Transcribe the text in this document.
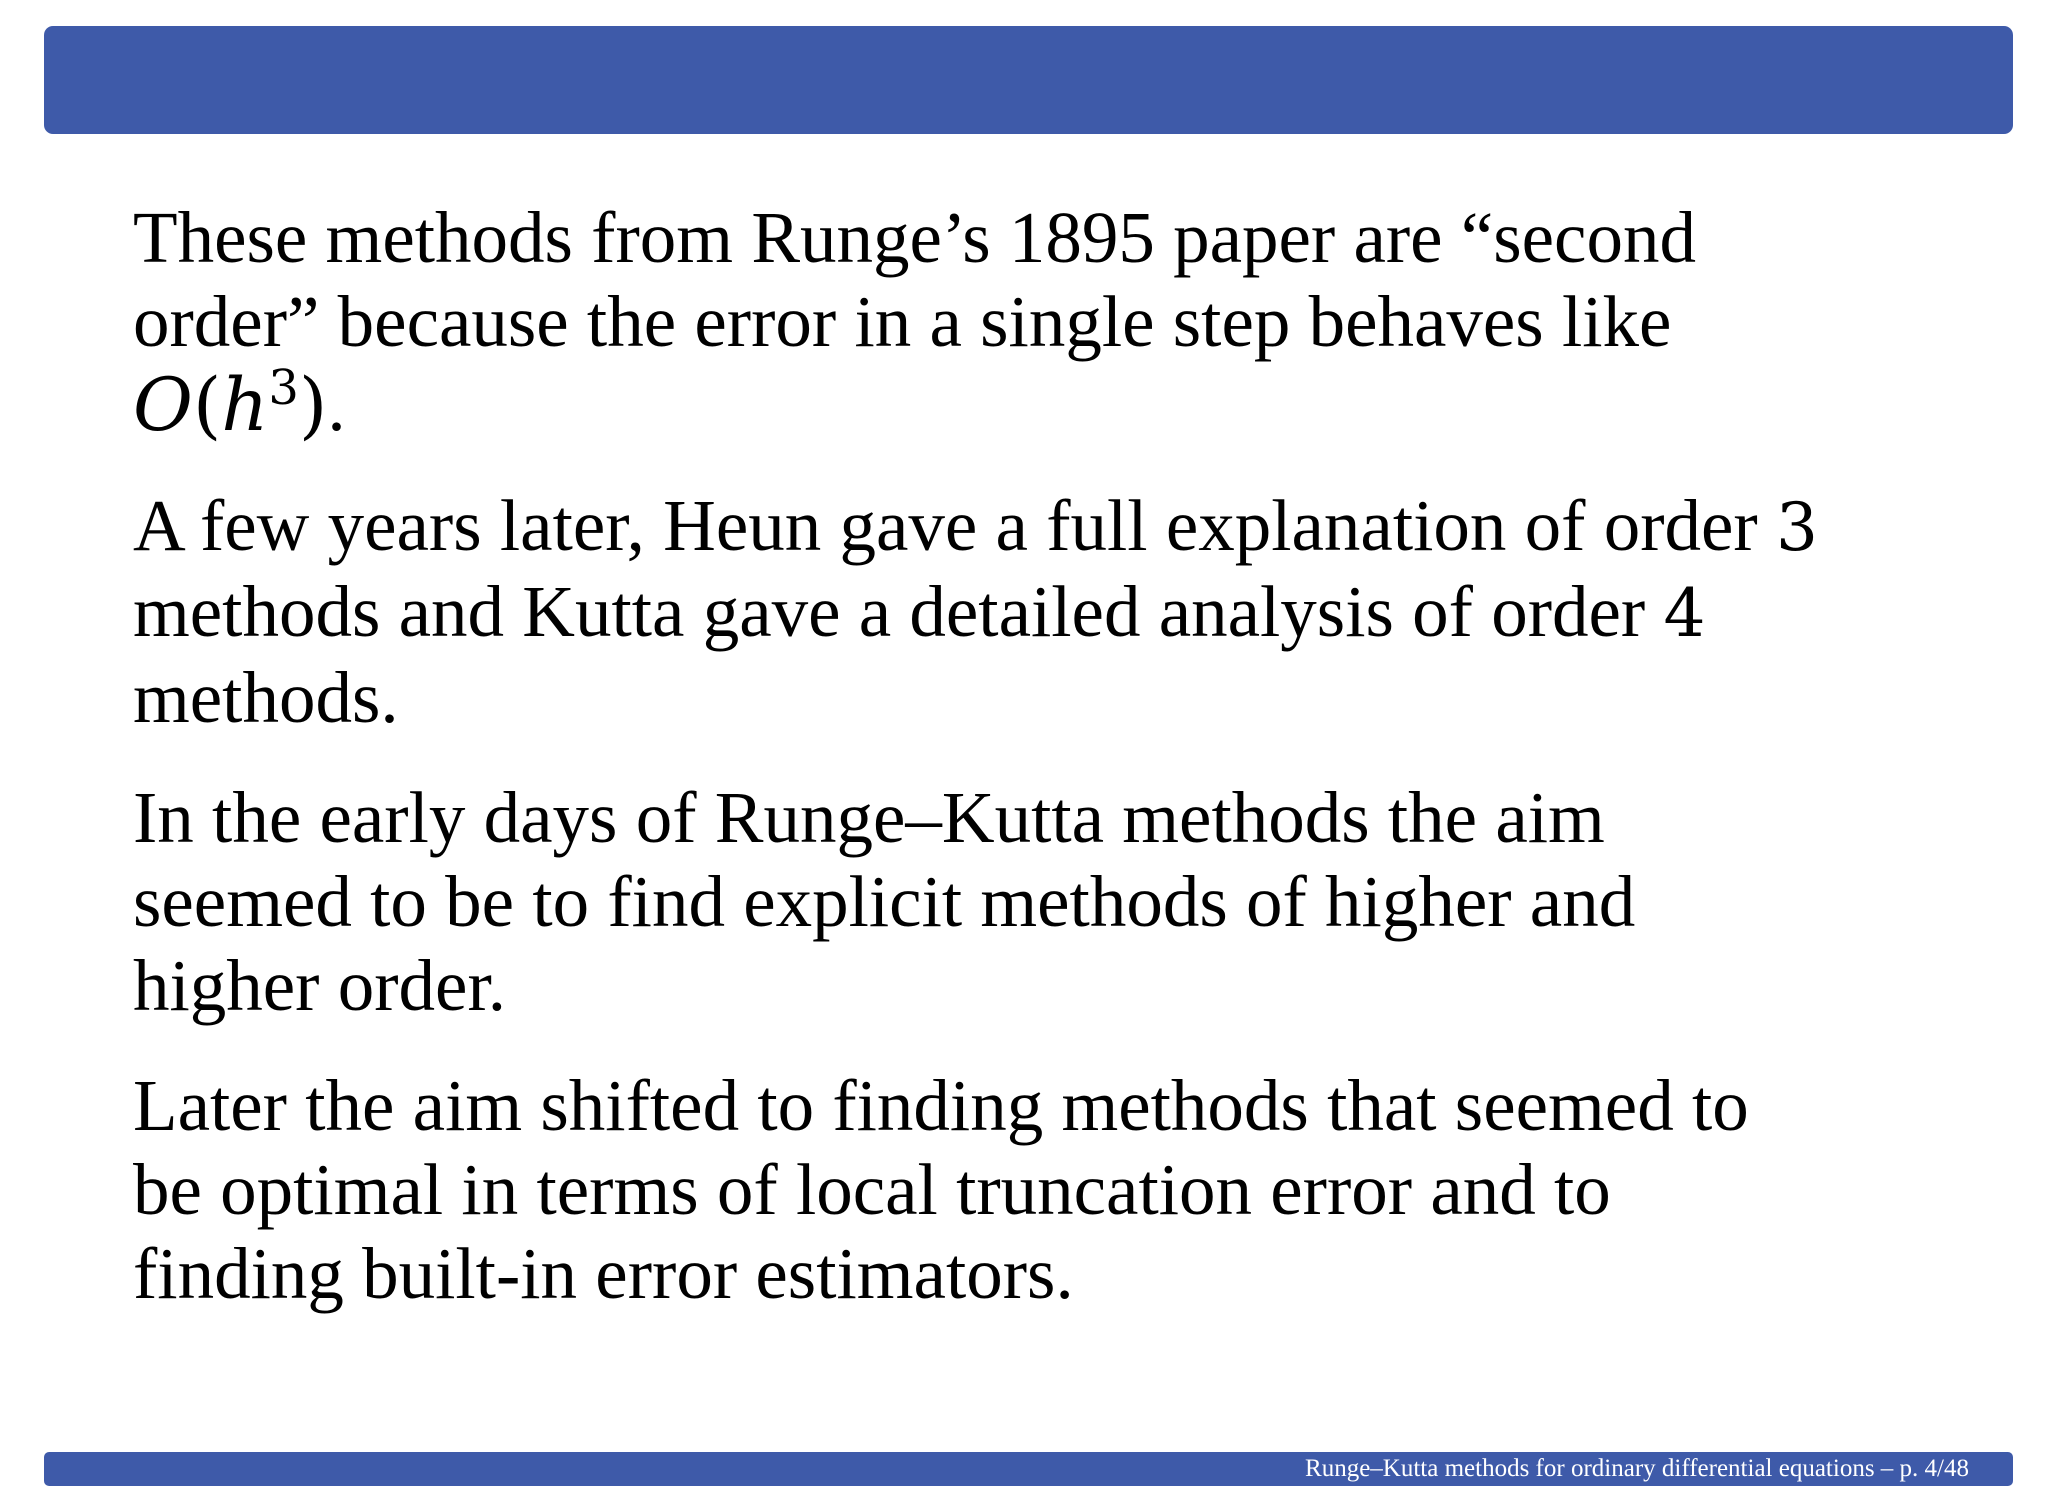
These methods from Runge’s 1895 paper are “second
order” because the error in a single step behaves like
$O(h^3)$.

A few years later, Heun gave a full explanation of order 3
methods and Kutta gave a detailed analysis of order 4
methods.

In the early days of Runge–Kutta methods the aim
seemed to be to find explicit methods of higher and
higher order.

Later the aim shifted to finding methods that seemed to
be optimal in terms of local truncation error and to
finding built-in error estimators.

Runge–Kutta methods for ordinary differential equations – p. 4/48
